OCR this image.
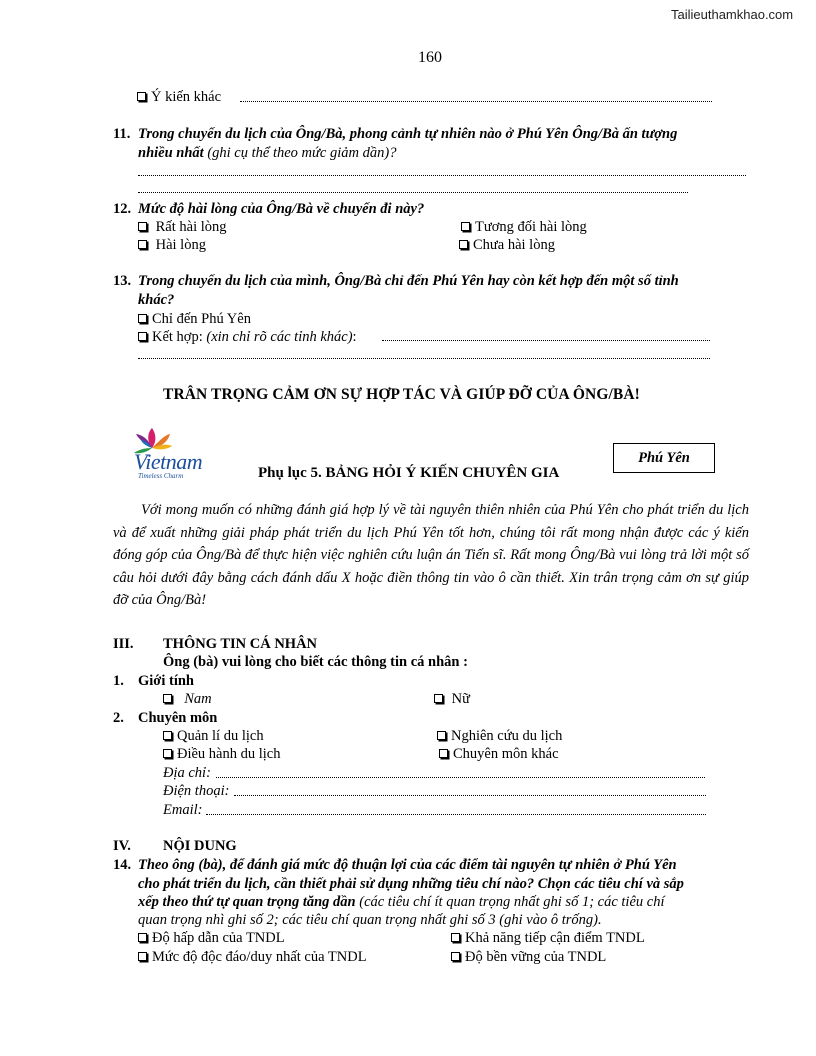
Tailieuthamkhao.com
160
Ý kiến khác
11. Trong chuyến du lịch của Ông/Bà, phong cảnh tự nhiên nào ở Phú Yên Ông/Bà ấn tượng
nhiều nhất (ghi cụ thể theo mức giảm dần)?
12. Mức độ hài lòng của Ông/Bà về chuyến đi này?
Rất hài lòng	Tương đối hài lòng
Hài lòng	Chưa hài lòng
13. Trong chuyến du lịch của mình, Ông/Bà chỉ đến Phú Yên hay còn kết hợp đến một số tỉnh
khác?
Chỉ đến Phú Yên
Kết hợp: (xin chỉ rõ các tỉnh khác):
TRÂN TRỌNG CẢM ƠN SỰ HỢP TÁC VÀ GIÚP ĐỠ CỦA ÔNG/BÀ!
Vietnam
Timeless Charm	Phụ lục 5. BẢNG HỎI Ý KIẾN CHUYÊN GIA
Phú Yên
Với mong muốn có những đánh giá hợp lý về tài nguyên thiên nhiên của Phú Yên cho phát triển du lịch và để xuất những giải pháp phát triển du lịch Phú Yên tốt hơn, chúng tôi rất mong nhận được các ý kiến đóng góp của Ông/Bà để thực hiện việc nghiên cứu luận án Tiến sĩ. Rất mong Ông/Bà vui lòng trả lời một số câu hỏi dưới đây bằng cách đánh dấu X hoặc điền thông tin vào ô cần thiết. Xin trân trọng cảm ơn sự giúp đỡ của Ông/Bà!
III. THÔNG TIN CÁ NHÂN
Ông (bà) vui lòng cho biết các thông tin cá nhân :
1. Giới tính
Nam	Nữ
2. Chuyên môn
Quản lí du lịch	Nghiên cứu du lịch
Điều hành du lịch	Chuyên môn khác
Địa chỉ:
Điện thoại:
Email:
IV. NỘI DUNG
14. Theo ông (bà), để đánh giá mức độ thuận lợi của các điểm tài nguyên tự nhiên ở Phú Yên
cho phát triển du lịch, cần thiết phải sử dụng những tiêu chí nào? Chọn các tiêu chí và sắp
xếp theo thứ tự quan trọng tăng dần (các tiêu chí ít quan trọng nhất ghi số 1; các tiêu chí
quan trọng nhì ghi số 2; các tiêu chí quan trọng nhất ghi số 3 (ghi vào ô trống).
Độ hấp dẫn của TNDL	Khả năng tiếp cận điểm TNDL
Mức độ độc đáo/duy nhất của TNDL	Độ bền vững của TNDL
